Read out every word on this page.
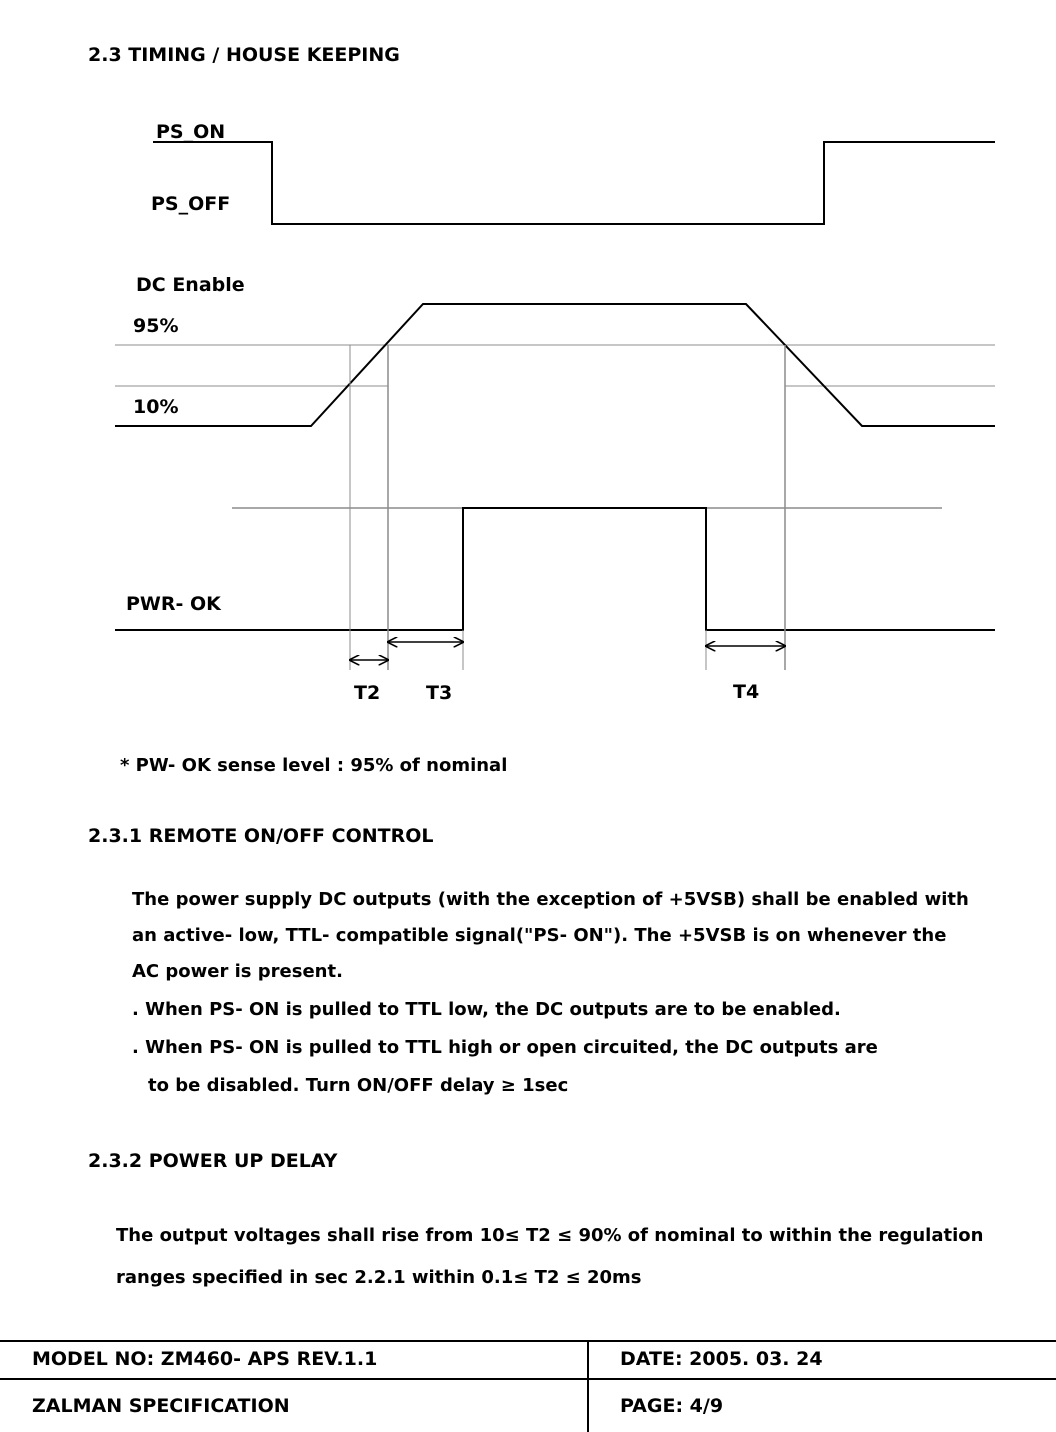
2.3 TIMING / HOUSE KEEPING
PS_ON
PS_OFF
DC Enable
95%
10%
PWR- OK
T2 T3	T4
* PW- OK sense level : 95% of nominal
2.3.1 REMOTE ON/OFF CONTROL
The power supply DC outputs (with the exception of +5VSB) shall be enabled with
an active- low, TTL- compatible signal("PS- ON"). The +5VSB is on whenever the
AC power is present.
. When PS- ON is pulled to TTL low, the DC outputs are to be enabled.
. When PS- ON is pulled to TTL high or open circuited, the DC outputs are
to be disabled. Turn ON/OFF delay ≥ 1sec
2.3.2 POWER UP DELAY
The output voltages shall rise from 10≤ T2 ≤ 90% of nominal to within the regulation
ranges specified in sec 2.2.1 within 0.1≤ T2 ≤ 20ms
MODEL NO: ZM460- APS REV.1.1	DATE: 2005. 03. 24
ZALMAN SPECIFICATION	PAGE: 4/9
